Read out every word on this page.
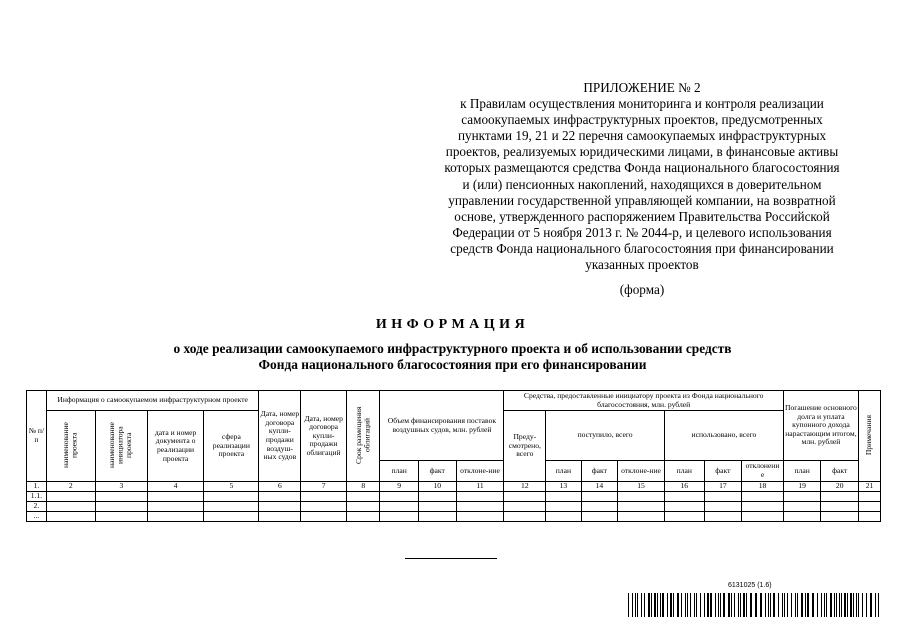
ПРИЛОЖЕНИЕ № 2
к Правилам осуществления мониторинга и контроля реализации
самоокупаемых инфраструктурных проектов, предусмотренных
пунктами 19, 21 и 22 перечня самоокупаемых инфраструктурных
проектов, реализуемых юридическими лицами, в финансовые активы
которых размещаются средства Фонда национального благосостояния
и (или) пенсионных накоплений, находящихся в доверительном
управлении государственной управляющей компании, на возвратной
основе, утвержденного распоряжением Правительства Российской
Федерации от 5 ноября 2013 г. № 2044-р, и целевого использования
средств Фонда национального благосостояния при финансировании
указанных проектов
(форма)
ИНФОРМАЦИЯ
о ходе реализации самоокупаемого инфраструктурного проекта и об использовании средств
Фонда национального благосостояния при его финансировании
№ п/п	Информация о самоокупаемом инфраструктурном проекте				Дата, номер договора купли-продажи воздуш-ных судов	Дата, номер договора купли-продажи облигаций	Срок размещения облигаций	Объем финансирования поставок воздушных судов, млн. рублей			Средства, предоставленные инициатору проекта из Фонда национального благосостояния, млн. рублей							Погашение основного долга и уплата купонного дохода нарастающим итогом, млн. рублей		Примечания
	наименование проекта	наименование инициатора проекта	дата и номер документа о реализации проекта	сфера реализации проекта							Преду-смотрено, всего	поступило, всего			использовано, всего					
								план	факт	отклоне-ние		план	факт	отклоне-ние	план	факт	отклонени е	план	факт	
1.	2	3	4	5	6	7	8	9	10	11	12	13	14	15	16	17	18	19	20	21
1.1.																				
2.																				
...																				
6131025 (1.6)
